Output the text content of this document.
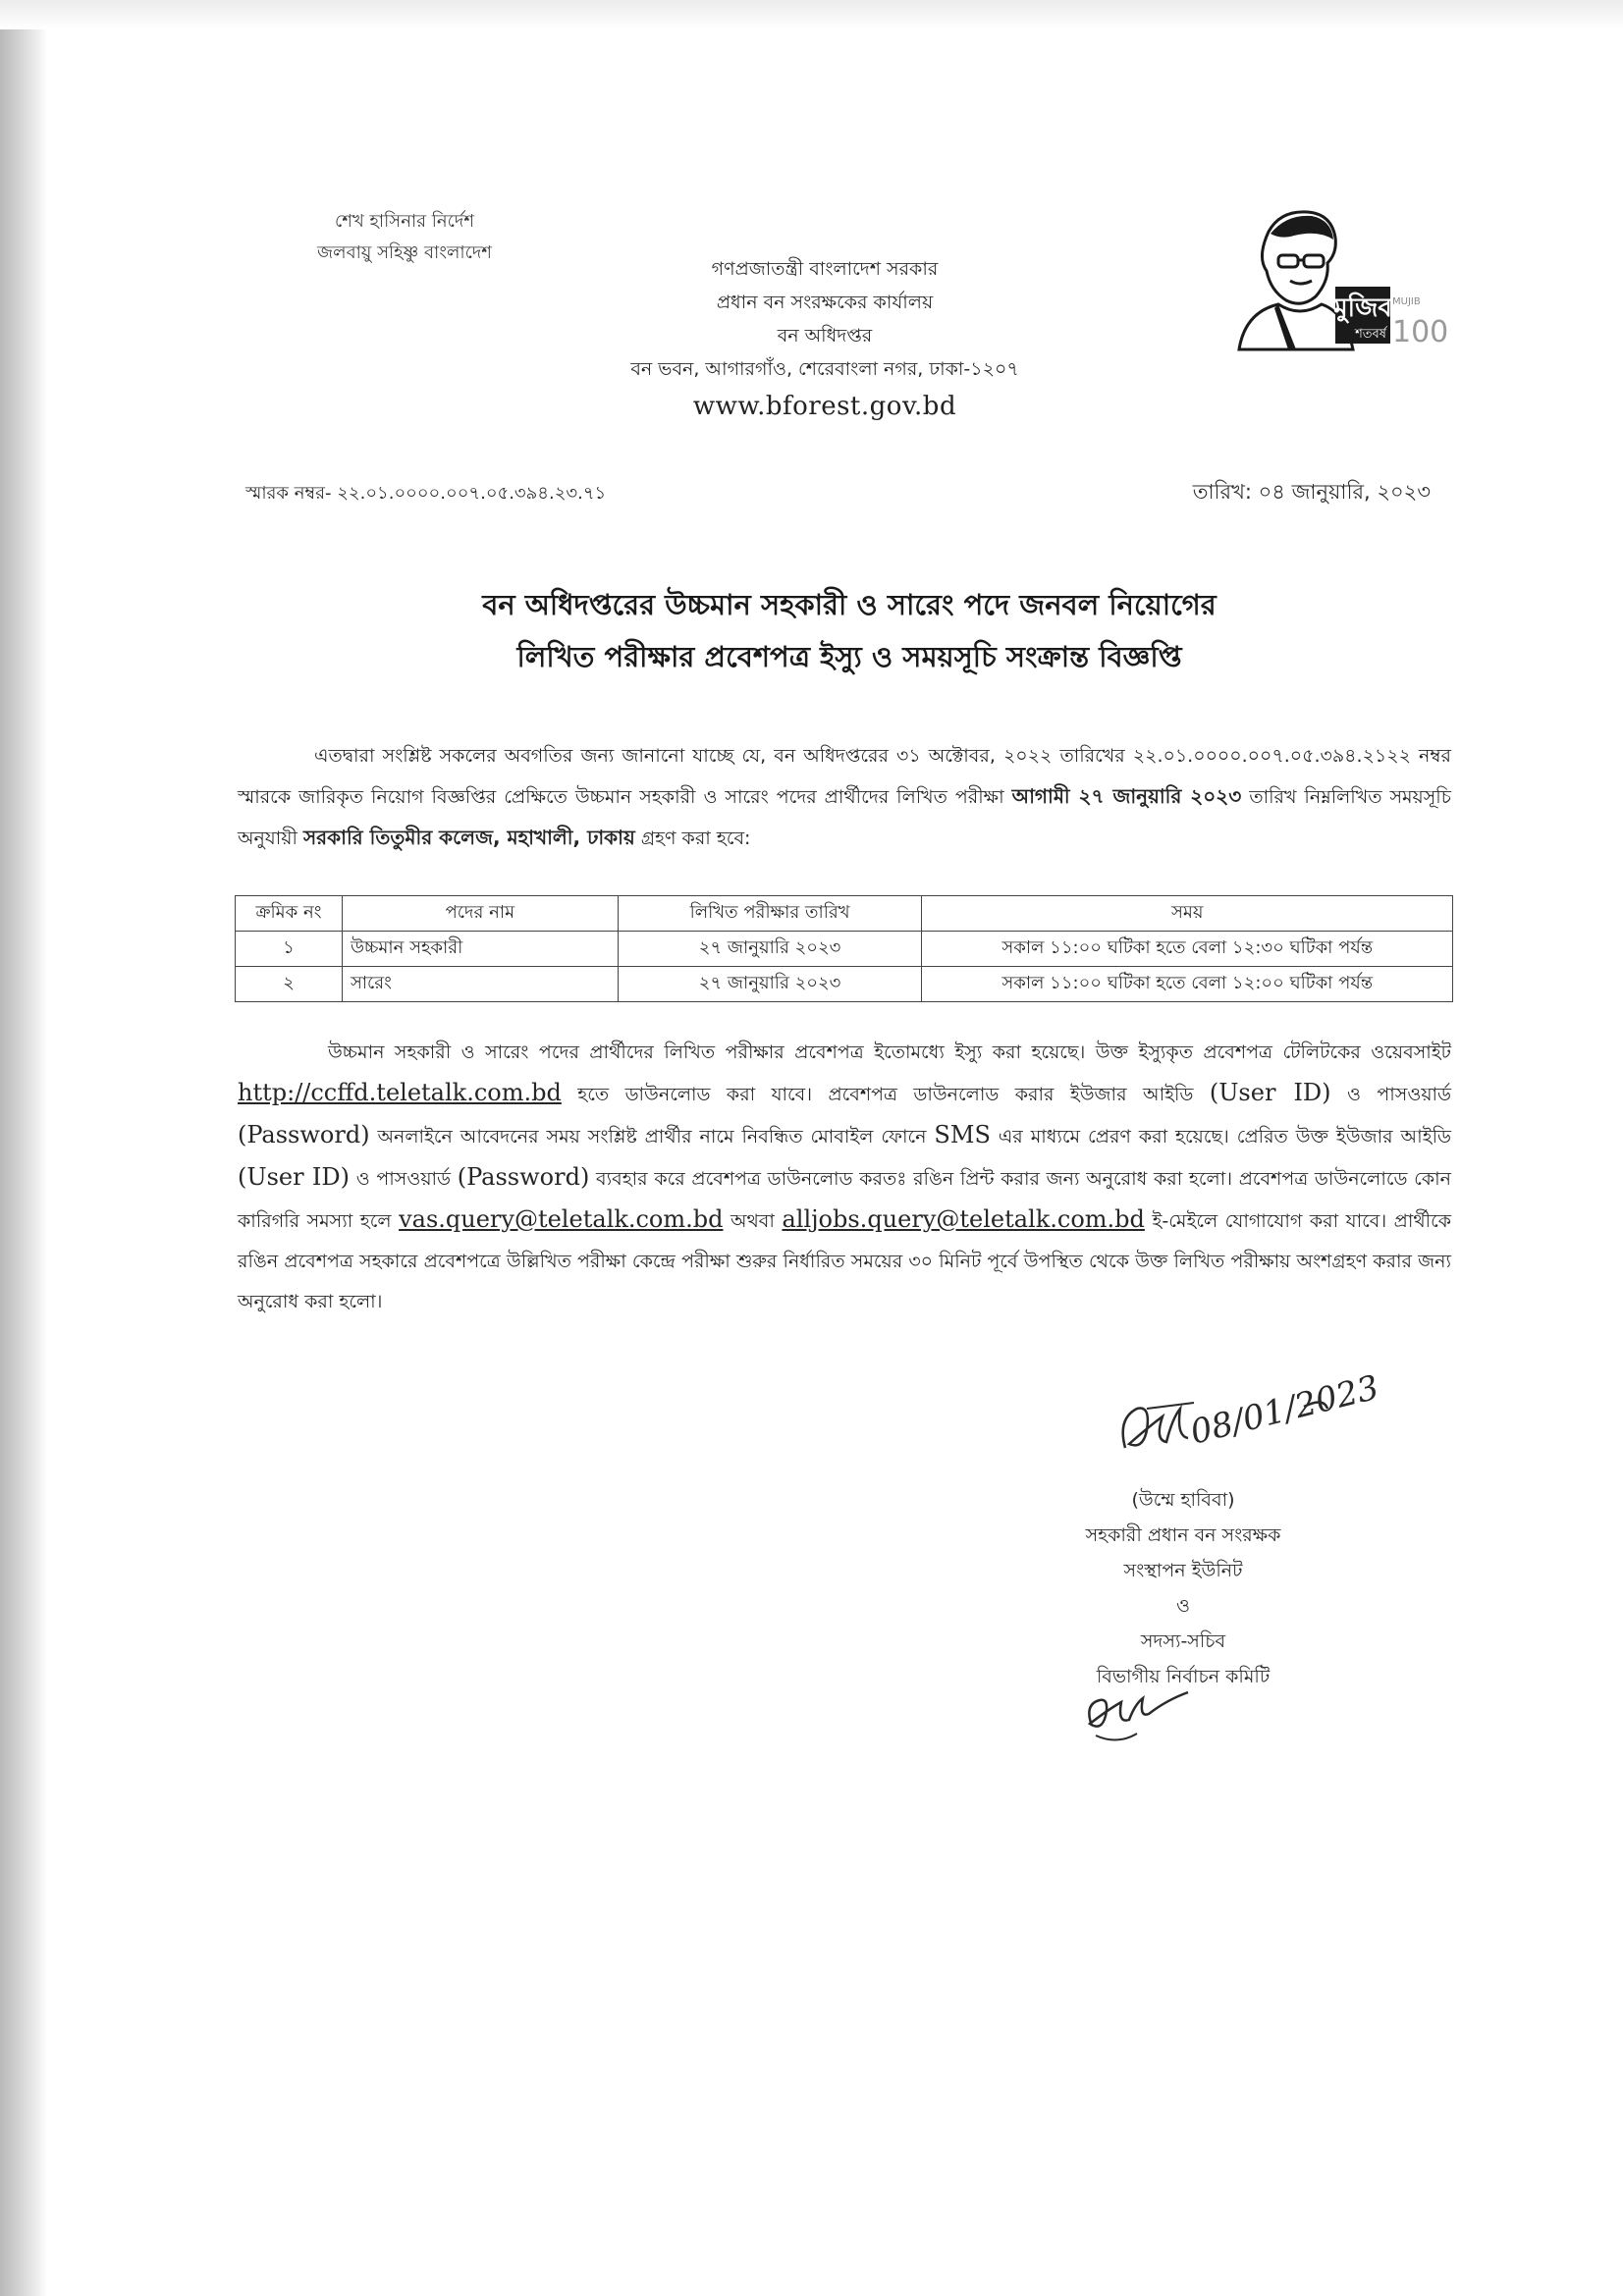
শেখ হাসিনার নির্দেশ
জলবায়ু সহিষ্ণু বাংলাদেশ
গণপ্রজাতন্ত্রী বাংলাদেশ সরকার
প্রধান বন সংরক্ষকের কার্যালয়
বন অধিদপ্তর
বন ভবন, আগারগাঁও, শেরেবাংলা নগর, ঢাকা-১২০৭
www.bforest.gov.bd
মুজিব
শতবর্ষ
MUJIB
100
স্মারক নম্বর- ২২.০১.০০০০.০০৭.০৫.৩৯৪.২৩.৭১	তারিখ: ০৪ জানুয়ারি, ২০২৩
বন অধিদপ্তরের উচ্চমান সহকারী ও সারেং পদে জনবল নিয়োগের
লিখিত পরীক্ষার প্রবেশপত্র ইস্যু ও সময়সূচি সংক্রান্ত বিজ্ঞপ্তি
এতদ্বারা সংশ্লিষ্ট সকলের অবগতির জন্য জানানো যাচ্ছে যে, বন অধিদপ্তরের ৩১ অক্টোবর, ২০২২ তারিখের ২২.০১.০০০০.০০৭.০৫.৩৯৪.২১২২ নম্বর স্মারকে জারিকৃত নিয়োগ বিজ্ঞপ্তির প্রেক্ষিতে উচ্চমান সহকারী ও সারেং পদের প্রার্থীদের লিখিত পরীক্ষা আগামী ২৭ জানুয়ারি ২০২৩ তারিখ নিম্নলিখিত সময়সূচি অনুযায়ী সরকারি তিতুমীর কলেজ, মহাখালী, ঢাকায় গ্রহণ করা হবে:
ক্রমিক নং	পদের নাম	লিখিত পরীক্ষার তারিখ	সময়
১	উচ্চমান সহকারী	২৭ জানুয়ারি ২০২৩	সকাল ১১:০০ ঘটিকা হতে বেলা ১২:৩০ ঘটিকা পর্যন্ত
২	সারেং	২৭ জানুয়ারি ২০২৩	সকাল ১১:০০ ঘটিকা হতে বেলা ১২:০০ ঘটিকা পর্যন্ত
উচ্চমান সহকারী ও সারেং পদের প্রার্থীদের লিখিত পরীক্ষার প্রবেশপত্র ইতোমধ্যে ইস্যু করা হয়েছে। উক্ত ইস্যুকৃত প্রবেশপত্র টেলিটকের ওয়েবসাইট http://ccffd.teletalk.com.bd হতে ডাউনলোড করা যাবে। প্রবেশপত্র ডাউনলোড করার ইউজার আইডি (User ID) ও পাসওয়ার্ড (Password) অনলাইনে আবেদনের সময় সংশ্লিষ্ট প্রার্থীর নামে নিবন্ধিত মোবাইল ফোনে SMS এর মাধ্যমে প্রেরণ করা হয়েছে। প্রেরিত উক্ত ইউজার আইডি (User ID) ও পাসওয়ার্ড (Password) ব্যবহার করে প্রবেশপত্র ডাউনলোড করতঃ রঙিন প্রিন্ট করার জন্য অনুরোধ করা হলো। প্রবেশপত্র ডাউনলোডে কোন কারিগরি সমস্যা হলে vas.query@teletalk.com.bd অথবা alljobs.query@teletalk.com.bd ই-মেইলে যোগাযোগ করা যাবে। প্রার্থীকে রঙিন প্রবেশপত্র সহকারে প্রবেশপত্রে উল্লিখিত পরীক্ষা কেন্দ্রে পরীক্ষা শুরুর নির্ধারিত সময়ের ৩০ মিনিট পূর্বে উপস্থিত থেকে উক্ত লিখিত পরীক্ষায় অংশগ্রহণ করার জন্য অনুরোধ করা হলো।
08/01/2023
(উম্মে হাবিবা)
সহকারী প্রধান বন সংরক্ষক
সংস্থাপন ইউনিট
ও
সদস্য-সচিব
বিভাগীয় নির্বাচন কমিটি
